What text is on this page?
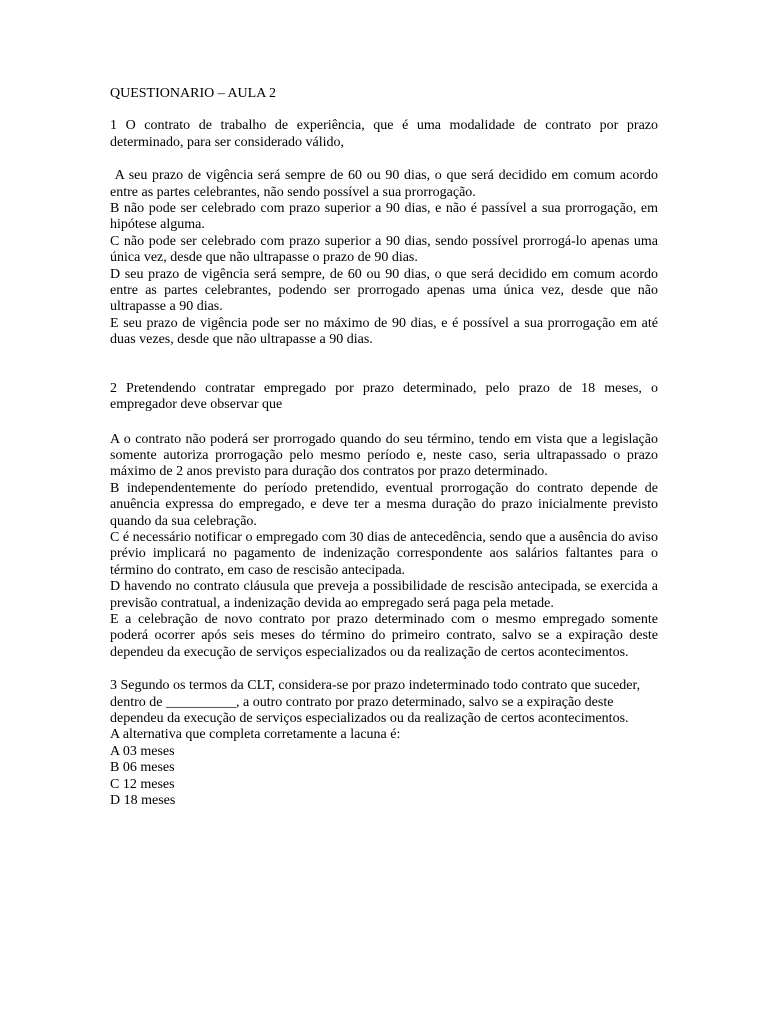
QUESTIONARIO – AULA 2

1 O contrato de trabalho de experiência, que é uma modalidade de contrato por prazo determinado, para ser considerado válido,

A seu prazo de vigência será sempre de 60 ou 90 dias, o que será decidido em comum acordo entre as partes celebrantes, não sendo possível a sua prorrogação.

B não pode ser celebrado com prazo superior a 90 dias, e não é passível a sua prorrogação, em hipótese alguma.

C não pode ser celebrado com prazo superior a 90 dias, sendo possível prorrogá-lo apenas uma única vez, desde que não ultrapasse o prazo de 90 dias.

D seu prazo de vigência será sempre, de 60 ou 90 dias, o que será decidido em comum acordo entre as partes celebrantes, podendo ser prorrogado apenas uma única vez, desde que não ultrapasse a 90 dias.

E seu prazo de vigência pode ser no máximo de 90 dias, e é possível a sua prorrogação em até duas vezes, desde que não ultrapasse a 90 dias.

2 Pretendendo contratar empregado por prazo determinado, pelo prazo de 18 meses, o empregador deve observar que

A o contrato não poderá ser prorrogado quando do seu término, tendo em vista que a legislação somente autoriza prorrogação pelo mesmo período e, neste caso, seria ultrapassado o prazo máximo de 2 anos previsto para duração dos contratos por prazo determinado.

B independentemente do período pretendido, eventual prorrogação do contrato depende de anuência expressa do empregado, e deve ter a mesma duração do prazo inicialmente previsto quando da sua celebração.

C é necessário notificar o empregado com 30 dias de antecedência, sendo que a ausência do aviso prévio implicará no pagamento de indenização correspondente aos salários faltantes para o término do contrato, em caso de rescisão antecipada.

D havendo no contrato cláusula que preveja a possibilidade de rescisão antecipada, se exercida a previsão contratual, a indenização devida ao empregado será paga pela metade.

E a celebração de novo contrato por prazo determinado com o mesmo empregado somente poderá ocorrer após seis meses do término do primeiro contrato, salvo se a expiração deste dependeu da execução de serviços especializados ou da realização de certos acontecimentos.

3 Segundo os termos da CLT, considera-se por prazo indeterminado todo contrato que suceder, dentro de __________, a outro contrato por prazo determinado, salvo se a expiração deste dependeu da execução de serviços especializados ou da realização de certos acontecimentos.

A alternativa que completa corretamente a lacuna é:

A 03 meses

B 06 meses

C 12 meses

D 18 meses
